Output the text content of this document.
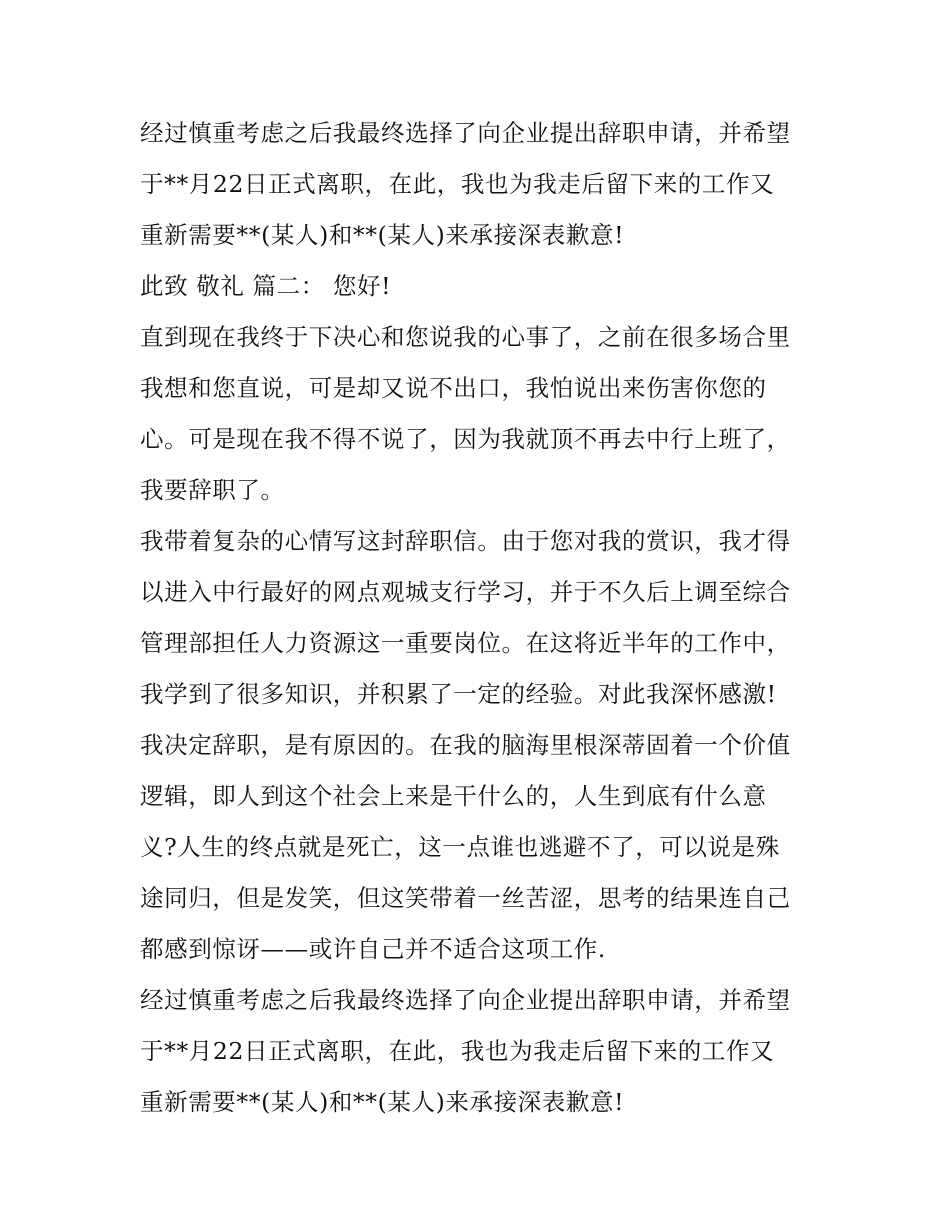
经过慎重考虑之后我最终选择了向企业提出辞职申请，并希望
于**月22日正式离职，在此，我也为我走后留下来的工作又
重新需要**(某人)和**(某人)来承接深表歉意!
此致 敬礼 篇二： 您好!
直到现在我终于下决心和您说我的心事了，之前在很多场合里
我想和您直说，可是却又说不出口，我怕说出来伤害你您的
心。可是现在我不得不说了，因为我就顶不再去中行上班了，
我要辞职了。
我带着复杂的心情写这封辞职信。由于您对我的赏识，我才得
以进入中行最好的网点观城支行学习，并于不久后上调至综合
管理部担任人力资源这一重要岗位。在这将近半年的工作中，
我学到了很多知识，并积累了一定的经验。对此我深怀感激!
我决定辞职，是有原因的。在我的脑海里根深蒂固着一个价值
逻辑，即人到这个社会上来是干什么的，人生到底有什么意
义?人生的终点就是死亡，这一点谁也逃避不了，可以说是殊
途同归，但是发笑，但这笑带着一丝苦涩，思考的结果连自己
都感到惊讶——或许自己并不适合这项工作.
经过慎重考虑之后我最终选择了向企业提出辞职申请，并希望
于**月22日正式离职，在此，我也为我走后留下来的工作又
重新需要**(某人)和**(某人)来承接深表歉意!
